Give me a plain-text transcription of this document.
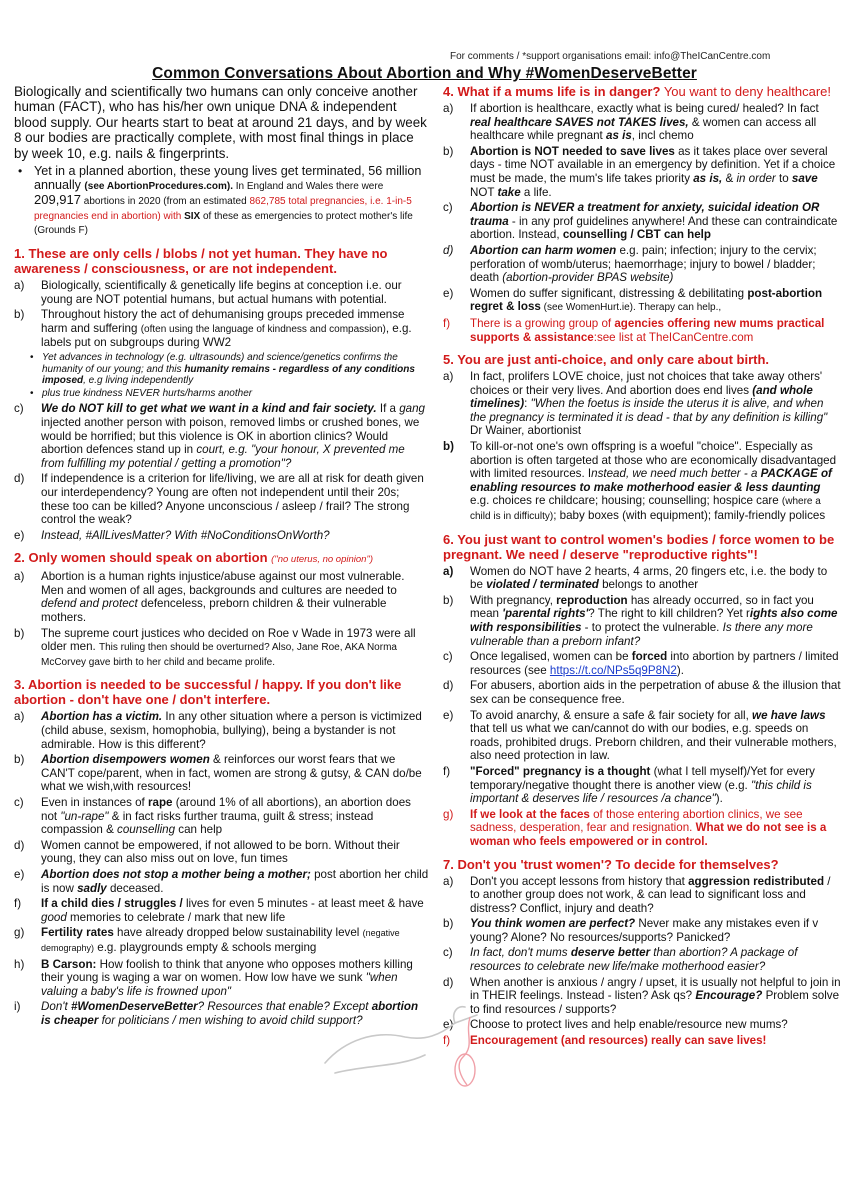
For comments / *support organisations email: info@TheICanCentre.com
Common Conversations About Abortion and Why #WomenDeserveBetter

Biologically and scientifically two humans can only conceive another human (FACT), who has his/her own unique DNA & independent blood supply. Our hearts start to beat at around 21 days, and by week 8 our bodies are practically complete, with most final things in place by week 10, e.g. nails & fingerprints.

• Yet in a planned abortion, these young lives get terminated, 56 million annually (see AbortionProcedures.com). In England and Wales there were 209,917 abortions in 2020 (from an estimated 862,785 total pregnancies, i.e. 1-in-5 pregnancies end in abortion) with SIX of these as emergencies to protect mother's life (Grounds F)
1. These are only cells / blobs / not yet human. They have no awareness / consciousness, or are not independent.
a)	Biologically, scientifically & genetically life begins at conception i.e. our young are NOT potential humans, but actual humans with potential.
b)	Throughout history the act of dehumanising groups preceded immense harm and suffering (often using the language of kindness and compassion), e.g. labels put on subgroups during WW2
• Yet advances in technology (e.g. ultrasounds) and science/genetics confirms the humanity of our young; and this humanity remains - regardless of any conditions imposed, e.g living independently
• plus true kindness NEVER hurts/harms another
c)	We do NOT kill to get what we want in a kind and fair society. If a gang injected another person with poison, removed limbs or crushed bones, we would be horrified; but this violence is OK in abortion clinics? Would abortion defences stand up in court, e.g. "your honour, X prevented me from fulfilling my potential / getting a promotion"?
d)	If independence is a criterion for life/living, we are all at risk for death given our interdependency? Young are often not independent until their 20s; these too can be killed? Anyone unconscious / asleep / frail? The strong control the weak?
e)	Instead, #AllLivesMatter? With #NoConditionsOnWorth?
2. Only women should speak on abortion ("no uterus, no opinion")
a)	Abortion is a human rights injustice/abuse against our most vulnerable. Men and women of all ages, backgrounds and cultures are needed to defend and protect defenceless, preborn children & their vulnerable mothers.
b)	The supreme court justices who decided on Roe v Wade in 1973 were all older men. This ruling then should be overturned? Also, Jane Roe, AKA Norma McCorvey gave birth to her child and became prolife.
3. Abortion is needed to be successful / happy. If you don't like abortion - don't have one / don't interfere.
a)	Abortion has a victim. In any other situation where a person is victimized (child abuse, sexism, homophobia, bullying), being a bystander is not admirable. How is this different?
b)	Abortion disempowers women & reinforces our worst fears that we CAN'T cope/parent, when in fact, women are strong & gutsy, & CAN do/be what we wish,with resources!
c)	Even in instances of rape (around 1% of all abortions), an abortion does not "un-rape" & in fact risks further trauma, guilt & stress; instead compassion & counselling can help
d)	Women cannot be empowered, if not allowed to be born. Without their young, they can also miss out on love, fun times
e)	Abortion does not stop a mother being a mother; post abortion her child is now sadly deceased.
f)	If a child dies / struggles / lives for even 5 minutes - at least meet & have good memories to celebrate / mark that new life
g)	Fertility rates have already dropped below sustainability level (negative demography) e.g. playgrounds empty & schools merging
h)	B Carson: How foolish to think that anyone who opposes mothers killing their young is waging a war on women. How low have we sunk "when valuing a baby's life is frowned upon"
i)	Don't #WomenDeserveBetter? Resources that enable? Except abortion is cheaper for politicians / men wishing to avoid child support?
4. What if a mums life is in danger? You want to deny healthcare!
a)	If abortion is healthcare, exactly what is being cured/ healed? In fact real healthcare SAVES not TAKES lives, & women can access all healthcare while pregnant as is, incl chemo
b)	Abortion is NOT needed to save lives as it takes place over several days - time NOT available in an emergency by definition. Yet if a choice must be made, the mum's life takes priority as is, & in order to save NOT take a life.
c)	Abortion is NEVER a treatment for anxiety, suicidal ideation OR trauma - in any prof guidelines anywhere! And these can contraindicate abortion. Instead, counselling / CBT can help
d)	Abortion can harm women e.g. pain; infection; injury to the cervix; perforation of womb/uterus; haemorrhage; injury to bowel / bladder; death (abortion-provider BPAS website)
e)	Women do suffer significant, distressing & debilitating post-abortion regret & loss (see WomenHurt.ie). Therapy can help.,
f)	There is a growing group of agencies offering new mums practical supports & assistance:see list at TheICanCentre.com
5. You are just anti-choice, and only care about birth.
a)	In fact, prolifers LOVE choice, just not choices that take away others' choices or their very lives. And abortion does end lives (and whole timelines): "When the foetus is inside the uterus it is alive, and when the pregnancy is terminated it is dead - that by any definition is killing" Dr Wainer, abortionist
b)	To kill-or-not one's own offspring is a woeful "choice". Especially as abortion is often targeted at those who are economically disadvantaged with limited resources. Instead, we need much better - a PACKAGE of enabling resources to make motherhood easier & less daunting e.g. choices re childcare; housing; counselling; hospice care (where a child is in difficulty); baby boxes (with equipment); family-friendly polices
6. You just want to control women's bodies / force women to be pregnant. We need / deserve "reproductive rights"!
a)	Women do NOT have 2 hearts, 4 arms, 20 fingers etc, i.e. the body to be violated / terminated belongs to another
b)	With pregnancy, reproduction has already occurred, so in fact you mean 'parental rights'? The right to kill children? Yet rights also come with responsibilities - to protect the vulnerable. Is there any more vulnerable than a preborn infant?
c)	Once legalised, women can be forced into abortion by partners / limited resources (see https://t.co/NPs5q9P8N2).
d)	For abusers, abortion aids in the perpetration of abuse & the illusion that sex can be consequence free.
e)	To avoid anarchy, & ensure a safe & fair society for all, we have laws that tell us what we can/cannot do with our bodies, e.g. speeds on roads, prohibited drugs. Preborn children, and their vulnerable mothers, also need protection in law.
f)	"Forced" pregnancy is a thought (what I tell myself)/Yet for every temporary/negative thought there is another view (e.g. "this child is important & deserves life / resources /a chance").
g)	If we look at the faces of those entering abortion clinics, we see sadness, desperation, fear and resignation. What we do not see is a woman who feels empowered or in control.
7. Don't you 'trust women'? To decide for themselves?
a)	Don't you accept lessons from history that aggression redistributed / to another group does not work, & can lead to significant loss and distress? Conflict, injury and death?
b)	You think women are perfect? Never make any mistakes even if v young? Alone? No resources/supports? Panicked?
c)	In fact, don't mums deserve better than abortion? A package of resources to celebrate new life/make motherhood easier?
d)	When another is anxious / angry / upset, it is usually not helpful to join in in THEIR feelings. Instead - listen? Ask qs? Encourage? Problem solve to find resources / supports?
e)	Choose to protect lives and help enable/resource new mums?
f)	Encouragement (and resources) really can save lives!
